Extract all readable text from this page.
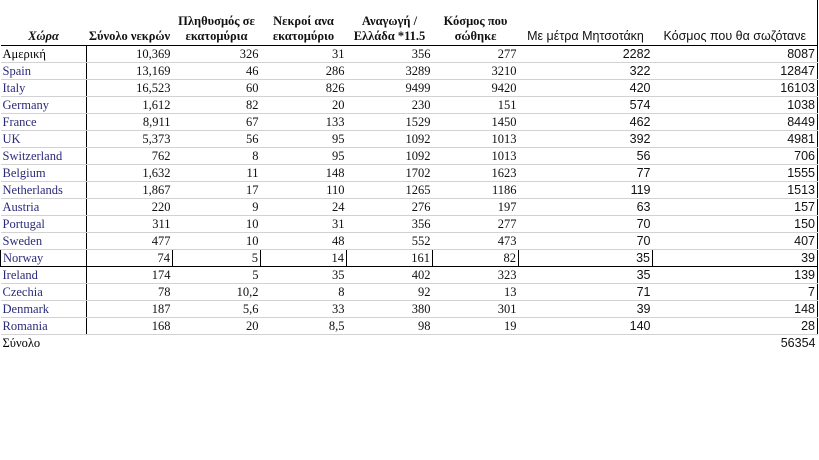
Χώρα	Σύνολο νεκρών	Πληθυσμός σε εκατομύρια	Νεκροί ανα εκατομύριο	Αναγωγή /Ελλάδα *11.5	Κόσμος που σώθηκε	Με μέτρα Μητσοτάκη	Κόσμος που θα σωζότανε
Αμερική	10,369	326	31	356	277	2282	8087
Spain	13,169	46	286	3289	3210	322	12847
Italy	16,523	60	826	9499	9420	420	16103
Germany	1,612	82	20	230	151	574	1038
France	8,911	67	133	1529	1450	462	8449
UK	5,373	56	95	1092	1013	392	4981
Switzerland	762	8	95	1092	1013	56	706
Belgium	1,632	11	148	1702	1623	77	1555
Netherlands	1,867	17	110	1265	1186	119	1513
Austria	220	9	24	276	197	63	157
Portugal	311	10	31	356	277	70	150
Sweden	477	10	48	552	473	70	407
Norway	74	5	14	161	82	35	39
Ireland	174	5	35	402	323	35	139
Czechia	78	10,2	8	92	13	71	7
Denmark	187	5,6	33	380	301	39	148
Romania	168	20	8,5	98	19	140	28
Σύνολο							56354
